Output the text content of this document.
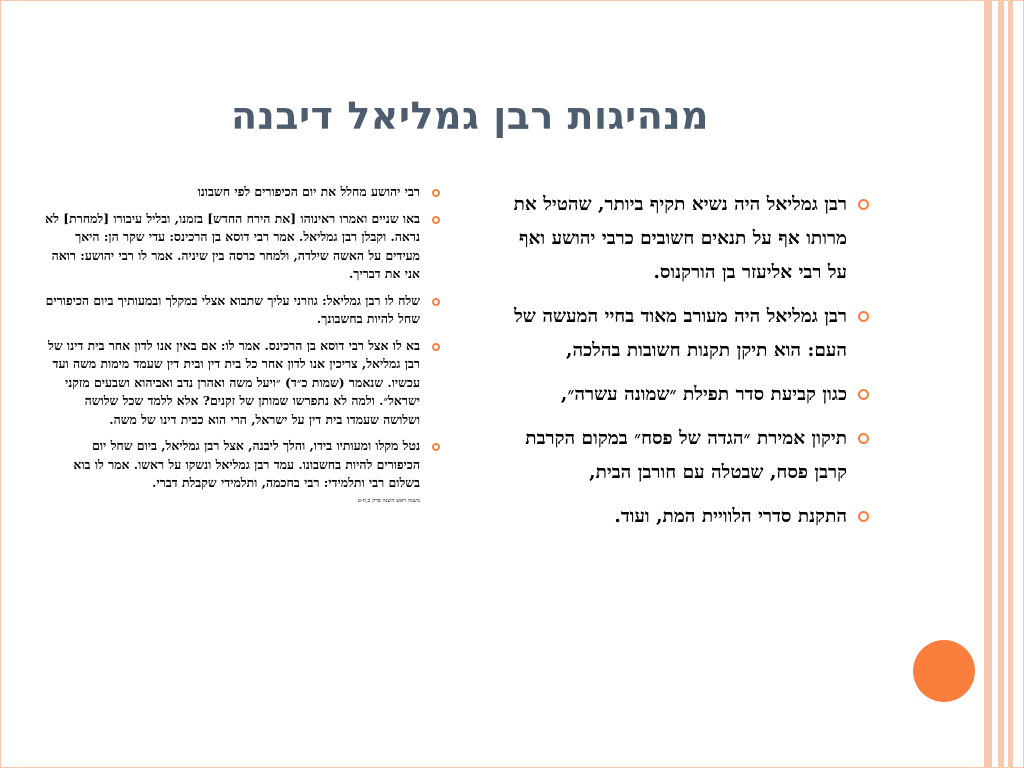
מנהיגות רבן גמליאל דיבנה
רבן גמליאל היה נשיא תקיף ביותר, שהטיל את מרותו אף על תנאים חשובים כרבי יהושע ואף על רבי אליעזר בן הורקנוס.
רבן גמליאל היה מעורב מאוד בחיי המעשה של העם: הוא תיקן תקנות חשובות בהלכה,
כגון קביעת סדר תפילת ״שמונה עשרה״,
תיקון אמירת ״הגדה של פסח״ במקום הקרבת קרבן פסח, שבטלה עם חורבן הבית,
התקנת סדרי הלוויית המת, ועוד.
רבי יהושע מחלל את יום הכיפורים לפי חשבונו
באו שניים ואמרו ראינוהו [את הירח החדש] בזמנו, ובליל עיבורו [למחרת] לא נראה. וקבלן רבן גמליאל. אמר רבי דוסא בן הרכינס: עדי שקר הן: היאך מעידים על האשה שילדה, ולמחר כרסה בין שיניה. אמר לו רבי יהושע: רואה אני את דבריך.
שלח לו רבן גמליאל: גוזרני עליך שתבוא אצלי במקלך ובמעותיך ביום הכיפורים שחל להיות בחשבונך.
בא לו אצל רבי דוסא בן הרכינס. אמר לו: אם באין אנו לדון אחר בית דינו של רבן גמליאל, צריכין אנו לדון אחר כל בית דין ובית דין שעמד מימות משה ועד עכשיו. שנאמר (שמות כ״ד) ״ויעל משה ואהרן נדב ואביהוא ושבעים מזקני ישראל״. ולמה לא נתפרשו שמותן של זקנים? אלא ללמד שכל שלושה ושלושה שעמדו בית דין על ישראל, הרי הוא כבית דינו של משה.
נטל מקלו ומעותיו בידו, והלך ליבנה, אצל רבן גמליאל, ביום שחל יום הכיפורים להיות בחשבונו. עמד רבן גמליאל ונשקו על ראשו. אמר לו בוא בשלום רבי ותלמידי: רבי בחכמה, ותלמידי שקבלת דברי.
משנה ראש השנה פרק ב,ח-ט
